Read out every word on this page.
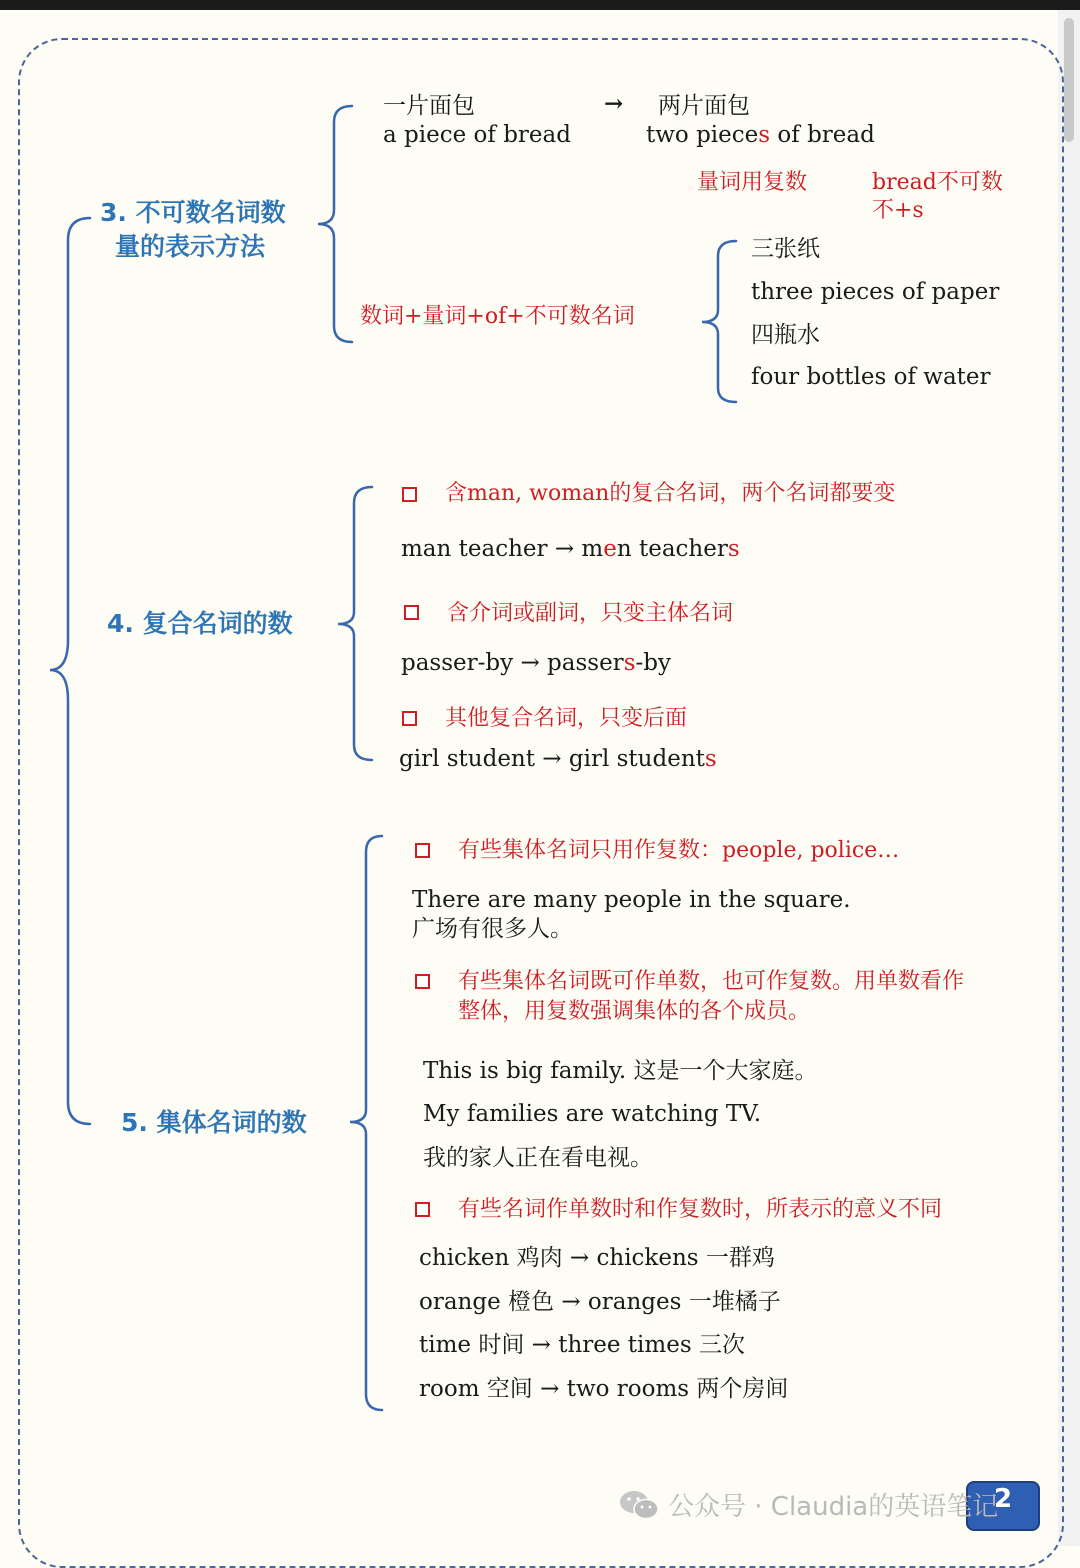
3. 不可数名词数
量的表示方法
一片面包	→ 两片面包
a piece of bread	two pieces of bread
量词用复数	bread不可数
不+s
数词+量词+of+不可数名词
三张纸
three pieces of paper
四瓶水
four bottles of water
4. 复合名词的数
含man, woman的复合名词，两个名词都要变
man teacher → men teachers
含介词或副词，只变主体名词
passer-by → passers-by
其他复合名词，只变后面
girl student → girl students
5. 集体名词的数
有些集体名词只用作复数：people, police…
There are many people in the square.
广场有很多人。
有些集体名词既可作单数，也可作复数。用单数看作
整体，用复数强调集体的各个成员。
This is big family. 这是一个大家庭。
My families are watching TV.
我的家人正在看电视。
有些名词作单数时和作复数时，所表示的意义不同
chicken 鸡肉 → chickens 一群鸡
orange 橙色 → oranges 一堆橘子
time 时间 → three times 三次
room 空间 → two rooms 两个房间
2
公众号 · Claudia的英语笔记
